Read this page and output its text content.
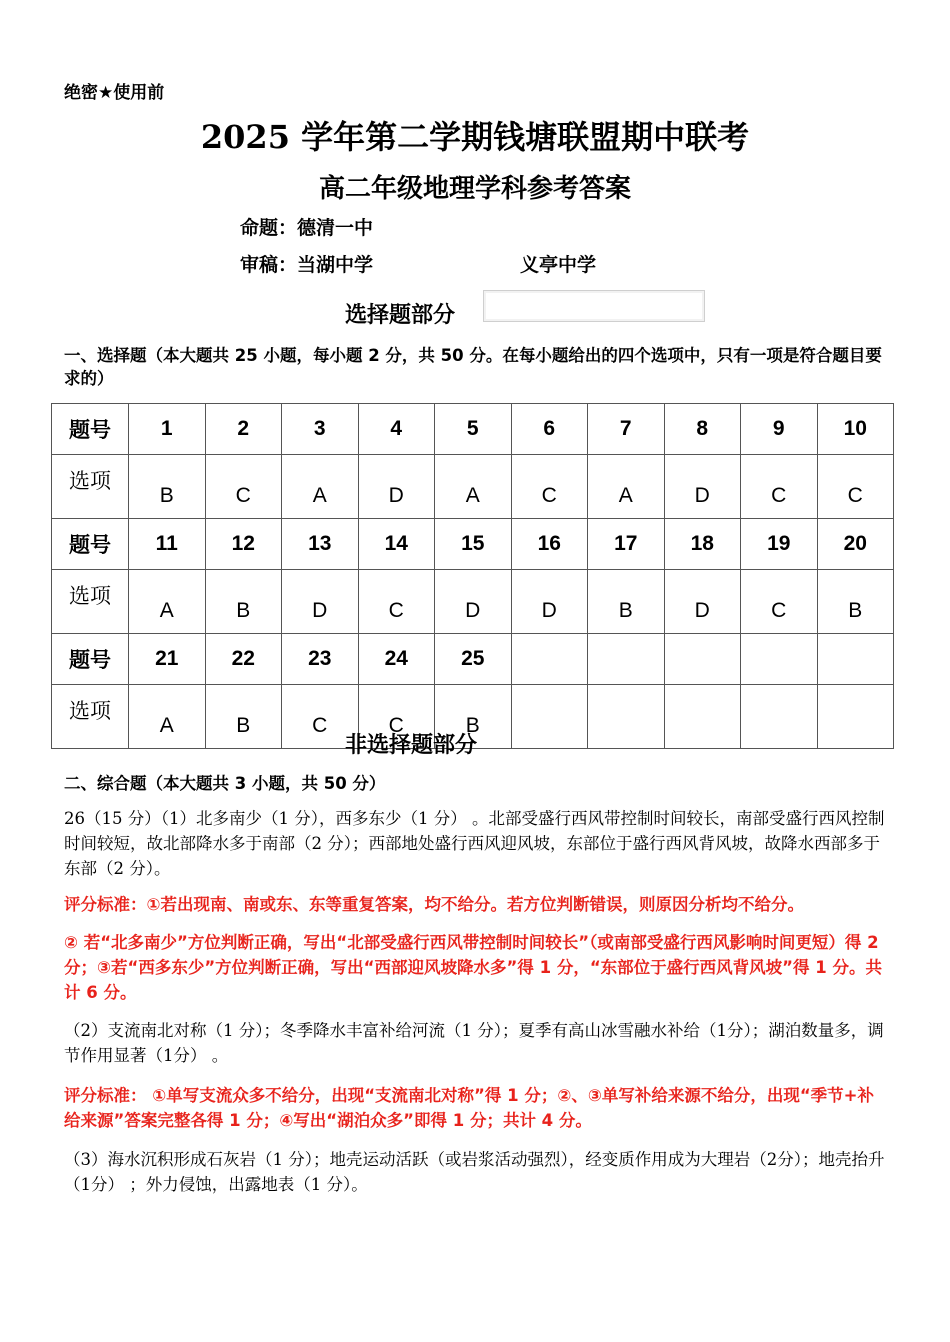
绝密★使用前
2025 学年第二学期钱塘联盟期中联考
高二年级地理学科参考答案
命题：德清一中
审稿：当湖中学	义亭中学
选择题部分
一、选择题（本大题共 25 小题，每小题 2 分，共 50 分。在每小题给出的四个选项中，只有一项是符合题目要求的）
题号	1	2	3	4	5	6	7	8	9	10
选项	B	C	A	D	A	C	A	D	C	C
题号	11	12	13	14	15	16	17	18	19	20
选项	A	B	D	C	D	D	B	D	C	B
题号	21	22	23	24	25					
选项	A	B	C	C	B					
非选择题部分
二、综合题（本大题共 3 小题，共 50 分）
26（15 分）（1）北多南少（1 分），西多东少（1 分） 。北部受盛行西风带控制时间较长，南部受盛行西风控制时间较短，故北部降水多于南部（2 分）；西部地处盛行西风迎风坡，东部位于盛行西风背风坡，故降水西部多于东部（2 分）。
评分标准：①若出现南、南或东、东等重复答案，均不给分。若方位判断错误，则原因分析均不给分。
② 若“北多南少”方位判断正确，写出“北部受盛行西风带控制时间较长”（或南部受盛行西风影响时间更短）得 2 分；③若“西多东少”方位判断正确，写出“西部迎风坡降水多”得 1 分，“东部位于盛行西风背风坡”得 1 分。共计 6 分。
（2）支流南北对称（1 分）；冬季降水丰富补给河流（1 分）；夏季有高山冰雪融水补给（1分）；湖泊数量多，调节作用显著（1分） 。
评分标准： ①单写支流众多不给分，出现“支流南北对称”得 1 分；②、③单写补给来源不给分，出现“季节+补给来源”答案完整各得 1 分；④写出“湖泊众多”即得 1 分；共计 4 分。
（3）海水沉积形成石灰岩（1 分）；地壳运动活跃（或岩浆活动强烈），经变质作用成为大理岩（2分）；地壳抬升（1分） ；外力侵蚀，出露地表（1 分）。
